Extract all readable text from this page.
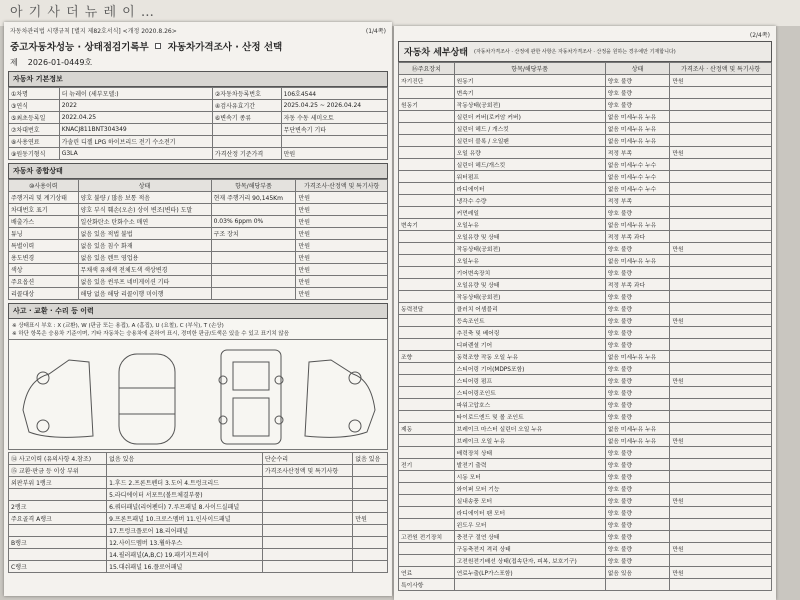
아 기 사 더 뉴 레 이 …
자동차관리법 시행규칙 [별지 제82호서식] <개정 2020.8.26>	(1/4쪽)
중고자동차성능 · 상태점검기록부 자동차가격조사 · 산정 선택
제 2026-01-0449호
자동차 기본정보
①차명	더 뉴레이 (세부모델:)	②자동차등록번호	106호4544
③연식	2022	④검사유효기간	2025.04.25 ~ 2026.04.24
⑤최초등록일	2022.04.25	⑥변속기 종류	자동 수동 세미오토
⑦차대번호	KNACJ811BNT304349		무단변속기 기타
⑧사용연료	가솔린 디젤 LPG 하이브리드 전기 수소전기		
⑨원동기형식	G3LA	가격산정 기준가격	만원
자동차 종합상태
⑩사용이력	상태	항목/해당부품	가격조사·산정액 및 특기사항
주행거리 및 계기상태	양호 불량 / 많음 보통 적음	현재 주행거리 90,145Km	만원
차대번호 표기	양호 부식 훼손(오손) 상이 변조(변타) 도말		만원
배출가스	일산화탄소 탄화수소 매연	0.03% 6ppm 0%	만원
튜닝	없음 있음 적법 불법	구조 장치	만원
특별이력	없음 있음 침수 화재		만원
용도변경	없음 있음 렌트 영업용		만원
색상	무채색 유채색 전체도색 색상변경		만원
주요옵션	없음 있음 썬루프 네비게이션 기타		만원
리콜대상	해당 없음 해당 리콜이행 미이행		만원
사고 · 교환 · 수리 등 이력
※ 상태표시 부호 : X (교환), W (판금 또는 용접), A (흠집), U (요철), C (부식), T (손상)
※ 하단 항목은 승용차 기준이며, 기타 자동차는 승용차에 준하여 표시, 경미한 판금/도색은 있을 수 있고 표기치 않음
⑭ 사고이력 (유의사항 4.참조)	없음 있음	단순수리	없음 있음
⑮ 교환·판금 등 이상 부위		가격조사산정액 및 특기사항	
외판부위 1랭크	1.후드 2.프론트펜더 3.도어 4.트렁크리드		
	5.라디에이터 서포트(볼트체결부품)		
2랭크	6.쿼터패널(리어펜더) 7.루프패널 8.사이드실패널		
주요골격 A랭크	9.프론트패널 10.크로스멤버 11.인사이드패널		만원
	17.트렁크플로어 18.리어패널		
B랭크	12.사이드멤버 13.휠하우스		
	14.필러패널(A,B,C) 19.패키지트레이		
C랭크	15.대쉬패널 16.플로어패널		
(2/4쪽)
자동차 세부상태 (자동차가격조사 · 산정에 관한 사항은 자동차가격조사 · 산정을 원하는 경우에만 기재합니다)
⑯주요장치	항목/해당부품	상태	가격조사 · 산정액 및 특기사항
자기진단	원동기	양호 불량	만원
	변속기	양호 불량	
원동기	작동상태(공회전)	양호 불량	
	실린더 커버(로커암 커버)	없음 미세누유 누유	
	실린더 헤드 / 개스킷	없음 미세누유 누유	
	실린더 블록 / 오일팬	없음 미세누유 누유	
	오일 유량	적정 부족	만원
	실린더 헤드/개스킷	없음 미세누수 누수	
	워터펌프	없음 미세누수 누수	
	라디에이터	없음 미세누수 누수	
	냉각수 수량	적정 부족	
	커먼레일	양호 불량	
변속기	오일누유	없음 미세누유 누유	
	오일유량 및 상태	적정 부족 과다	
	작동상태(공회전)	양호 불량	만원
	오일누유	없음 미세누유 누유	
	기어변속장치	양호 불량	
	오일유량 및 상태	적정 부족 과다	
	작동상태(공회전)	양호 불량	
동력전달	클러치 어셈블리	양호 불량	
	등속조인트	양호 불량	만원
	추진축 및 베어링	양호 불량	
	디퍼렌셜 기어	양호 불량	
조향	동력조향 작동 오일 누유	없음 미세누유 누유	
	스티어링 기어(MDPS포함)	양호 불량	
	스티어링 펌프	양호 불량	만원
	스티어링조인트	양호 불량	
	파워고압호스	양호 불량	
	타이로드엔드 및 볼 조인트	양호 불량	
제동	브레이크 마스터 실린더 오일 누유	없음 미세누유 누유	
	브레이크 오일 누유	없음 미세누유 누유	만원
	배력장치 상태	양호 불량	
전기	발전기 출력	양호 불량	
	시동 모터	양호 불량	
	와이퍼 모터 기능	양호 불량	
	실내송풍 모터	양호 불량	만원
	라디에이터 팬 모터	양호 불량	
	윈도우 모터	양호 불량	
고전원 전기장치	충전구 절연 상태	양호 불량	
	구동축전지 격리 상태	양호 불량	만원
	고전원전기배선 상태(접속단자, 피복, 보호기구)	양호 불량	
연료	연료누출(LP가스포함)	없음 있음	만원
특이사항			
